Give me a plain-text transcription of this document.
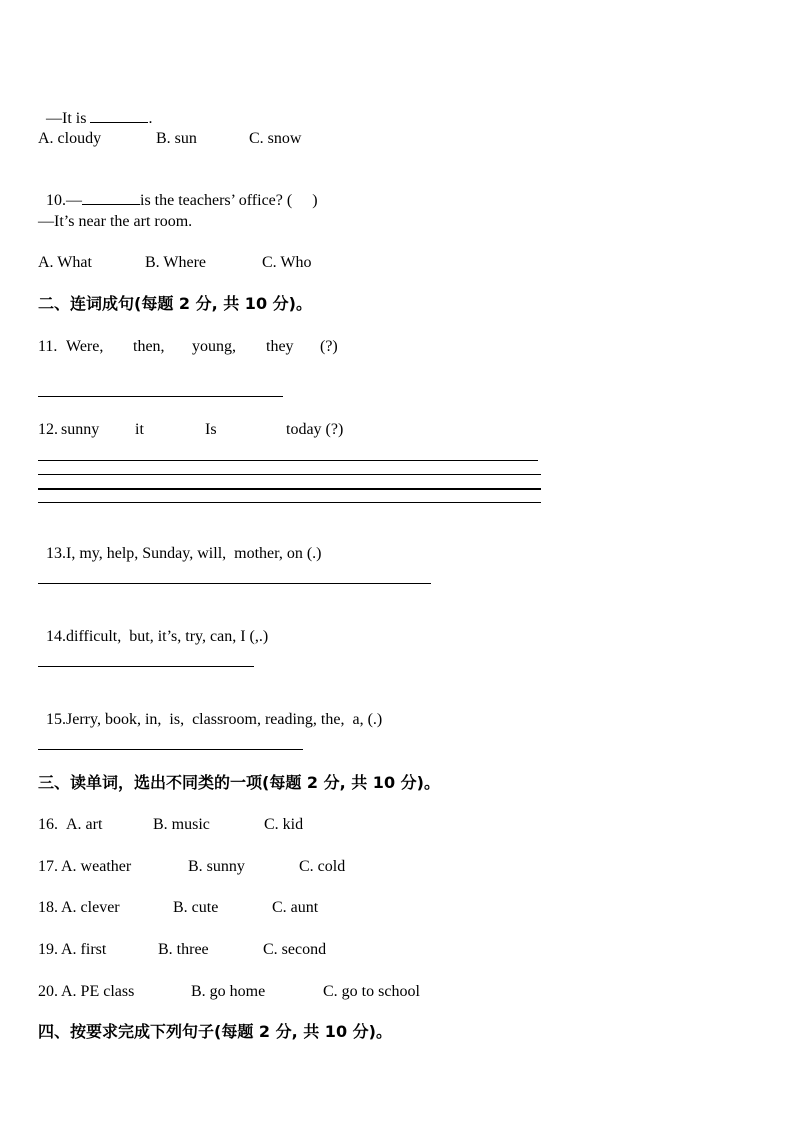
—It is	.

A. cloudy	B. sun	C. snow

10.—	is the teachers’ office? (     )

—It’s near the art room.
A. What	B. Where	C. Who
二、连词成句(每题 2 分, 共 10 分)。
11. Were, then, young, they (?)
12. sunny it	Is	today (?)

13.I, my, help, Sunday, will,  mother, on (.)

14.difficult,  but, it’s, try, can, I (,.)

15.Jerry, book, in,  is,  classroom, reading, the,  a, (.)

三、读单词，选出不同类的一项(每题 2 分, 共 10 分)。
16. A. art	B. music	C. kid
17. A. weather	B. sunny	C. cold
18. A. clever	B. cute	C. aunt
19. A. first	B. three	C. second
20. A. PE class	B. go home	C. go to school
四、按要求完成下列句子(每题 2 分, 共 10 分)。
